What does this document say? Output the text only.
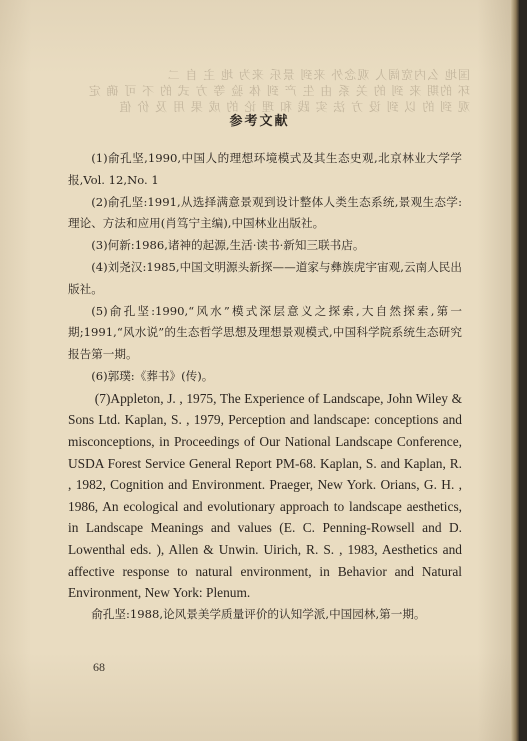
国地 么内宽阔人 观念外 来到 景乐 来为 地 主 自 二
环 的期 来 到 的 关 系 由 生 产 到 体 验 等 方 式 的 不 可 确 定
观 到 的 以 到 设 方 法 实 践 和 理 论 的 成 果 用 及 价 值
参考文献

(1)俞孔坚,1990,中国人的理想环境模式及其生态史观,北京林业大学学报,Vol. 12,No. 1

(2)俞孔坚:1991,从选择满意景观到设计整体人类生态系统,景观生态学:理论、方法和应用(肖笃宁主编),中国林业出版社。

(3)何新:1986,诸神的起源,生活·读书·新知三联书店。

(4)刘尧汉:1985,中国文明源头新探——道家与彝族虎宇宙观,云南人民出版社。

(5)俞孔坚:1990,“风水”模式深层意义之探索,大自然探索,第一期;1991,“风水说”的生态哲学思想及理想景观模式,中国科学院系统生态研究报告第一期。

(6)郭璞:《葬书》(传)。

(7)Appleton, J. , 1975, The Experience of Landscape, John Wiley & Sons Ltd. Kaplan, S. , 1979, Perception and landscape: conceptions and misconceptions, in Proceedings of Our National Landscape Conference, USDA Forest Service General Report PM-68. Kaplan, S. and Kaplan, R. , 1982, Cognition and Environment. Praeger, New York. Orians, G. H. , 1986, An ecological and evolutionary approach to landscape aesthetics, in Landscape Meanings and values (E. C. Penning-Rowsell and D. Lowenthal eds. ), Allen & Unwin. Uirich, R. S. , 1983, Aesthetics and affective response to natural environment, in Behavior and Natural Environment, New York: Plenum.

俞孔坚:1988,论风景美学质量评价的认知学派,中国园林,第一期。

68
